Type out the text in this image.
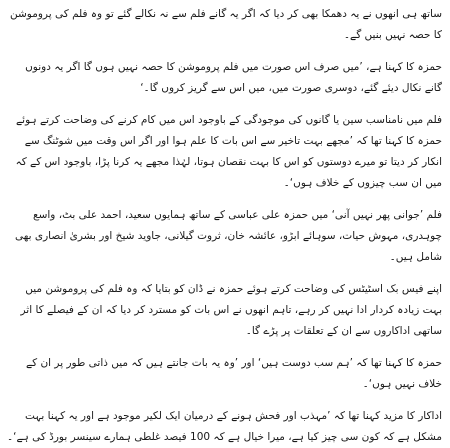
ساتھ ہی انھوں نے یہ دھمکا بھی کر دیا کہ اگر یہ گانے فلم سے نہ نکالے گئے تو وہ فلم کی پروموشن کا حصہ نہیں بنیں گے۔

حمزہ کا کہنا ہے، ’میں صرف اس صورت میں فلم پروموشن کا حصہ نہیں ہوں گا اگر یہ دونوں گانے نکال دیئے گئے، دوسری صورت میں، میں اس سے گریز کروں گا۔‘

فلم میں نامناسب سین یا گانوں کی موجودگی کے باوجود اس میں کام کرنے کی وضاحت کرتے ہوئے حمزہ کا کہنا تھا کہ ’مجھے بہت تاخیر سے اس بات کا علم ہوا اور اگر اس وقت میں شوٹنگ سے انکار کر دیتا تو میرے دوستوں کو اس کا بہت نقصان ہوتا، لہٰذا مجھے یہ کرنا پڑا، باوجود اس کے کہ میں ان سب چیزوں کے خلاف ہوں‘۔

فلم ’جوانی پھر نہیں آنی‘ میں حمزہ علی عباسی کے ساتھ ہمایوں سعید، احمد علی بٹ، واسع چوہدری، مہوش حیات، سوہائے ابڑو، عائشہ خان، ثروت گیلانی، جاوید شیخ اور بشریٰ انصاری بھی شامل ہیں۔

اپنے فیس بک اسٹیٹس کی وضاحت کرتے ہوئے حمزہ نے ڈان کو بتایا کہ وہ فلم کی پروموشن میں بہت زیادہ کردار ادا نہیں کر رہے، تاہم انھوں نے اس بات کو مسترد کر دیا کہ ان کے فیصلے کا اثر ساتھی اداکاروں سے ان کے تعلقات پر پڑے گا۔

حمزہ کا کہنا تھا کہ ’ہم سب دوست ہیں‘ اور ’وہ یہ بات جانتے ہیں کہ میں ذاتی طور پر ان کے خلاف نہیں ہوں‘۔

اداکار کا مزید کہنا تھا کہ ’مہذب اور فحش ہونے کے درمیان ایک لکیر موجود ہے اور یہ کہنا بہت مشکل ہے کہ کون سی چیز کیا ہے، میرا خیال ہے کہ 100 فیصد غلطی ہمارے سینسر بورڈ کی ہے‘۔
